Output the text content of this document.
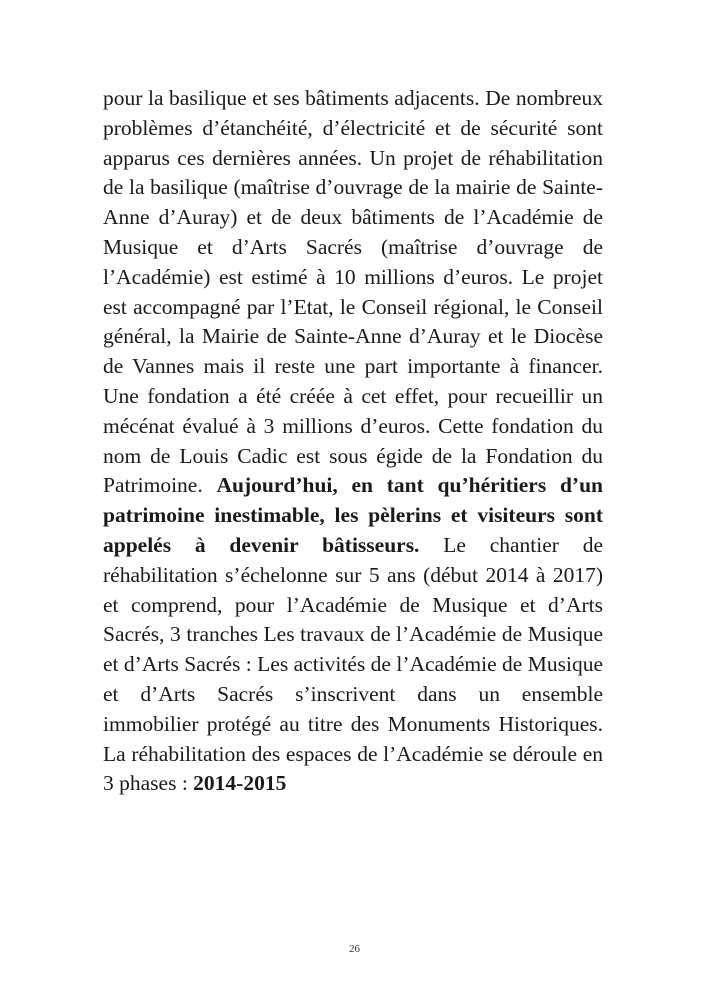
pour la basilique et ses bâtiments adjacents. De nombreux problèmes d’étanchéité, d’électricité et de sécurité sont apparus ces dernières années. Un projet de réhabilitation de la basilique (maîtrise d’ouvrage de la mairie de Sainte-Anne d’Auray) et de deux bâtiments de l’Académie de Musique et d’Arts Sacrés (maîtrise d’ouvrage de l’Académie) est estimé à 10 millions d’euros. Le projet est accompagné par l’Etat, le Conseil régional, le Conseil général, la Mairie de Sainte-Anne d’Auray et le Diocèse de Vannes mais il reste une part importante à financer. Une fondation a été créée à cet effet, pour recueillir un mécénat évalué à 3 millions d’euros. Cette fondation du nom de Louis Cadic est sous égide de la Fondation du Patrimoine. Aujourd’hui, en tant qu’héritiers d’un patrimoine inestimable, les pèlerins et visiteurs sont appelés à devenir bâtisseurs. Le chantier de réhabilitation s’échelonne sur 5 ans (début 2014 à 2017) et comprend, pour l’Académie de Musique et d’Arts Sacrés, 3 tranches Les travaux de l’Académie de Musique et d’Arts Sacrés : Les activités de l’Académie de Musique et d’Arts Sacrés s’inscrivent dans un ensemble immobilier protégé au titre des Monuments Historiques. La réhabilitation des espaces de l’Académie se déroule en 3 phases : 2014-2015

26
